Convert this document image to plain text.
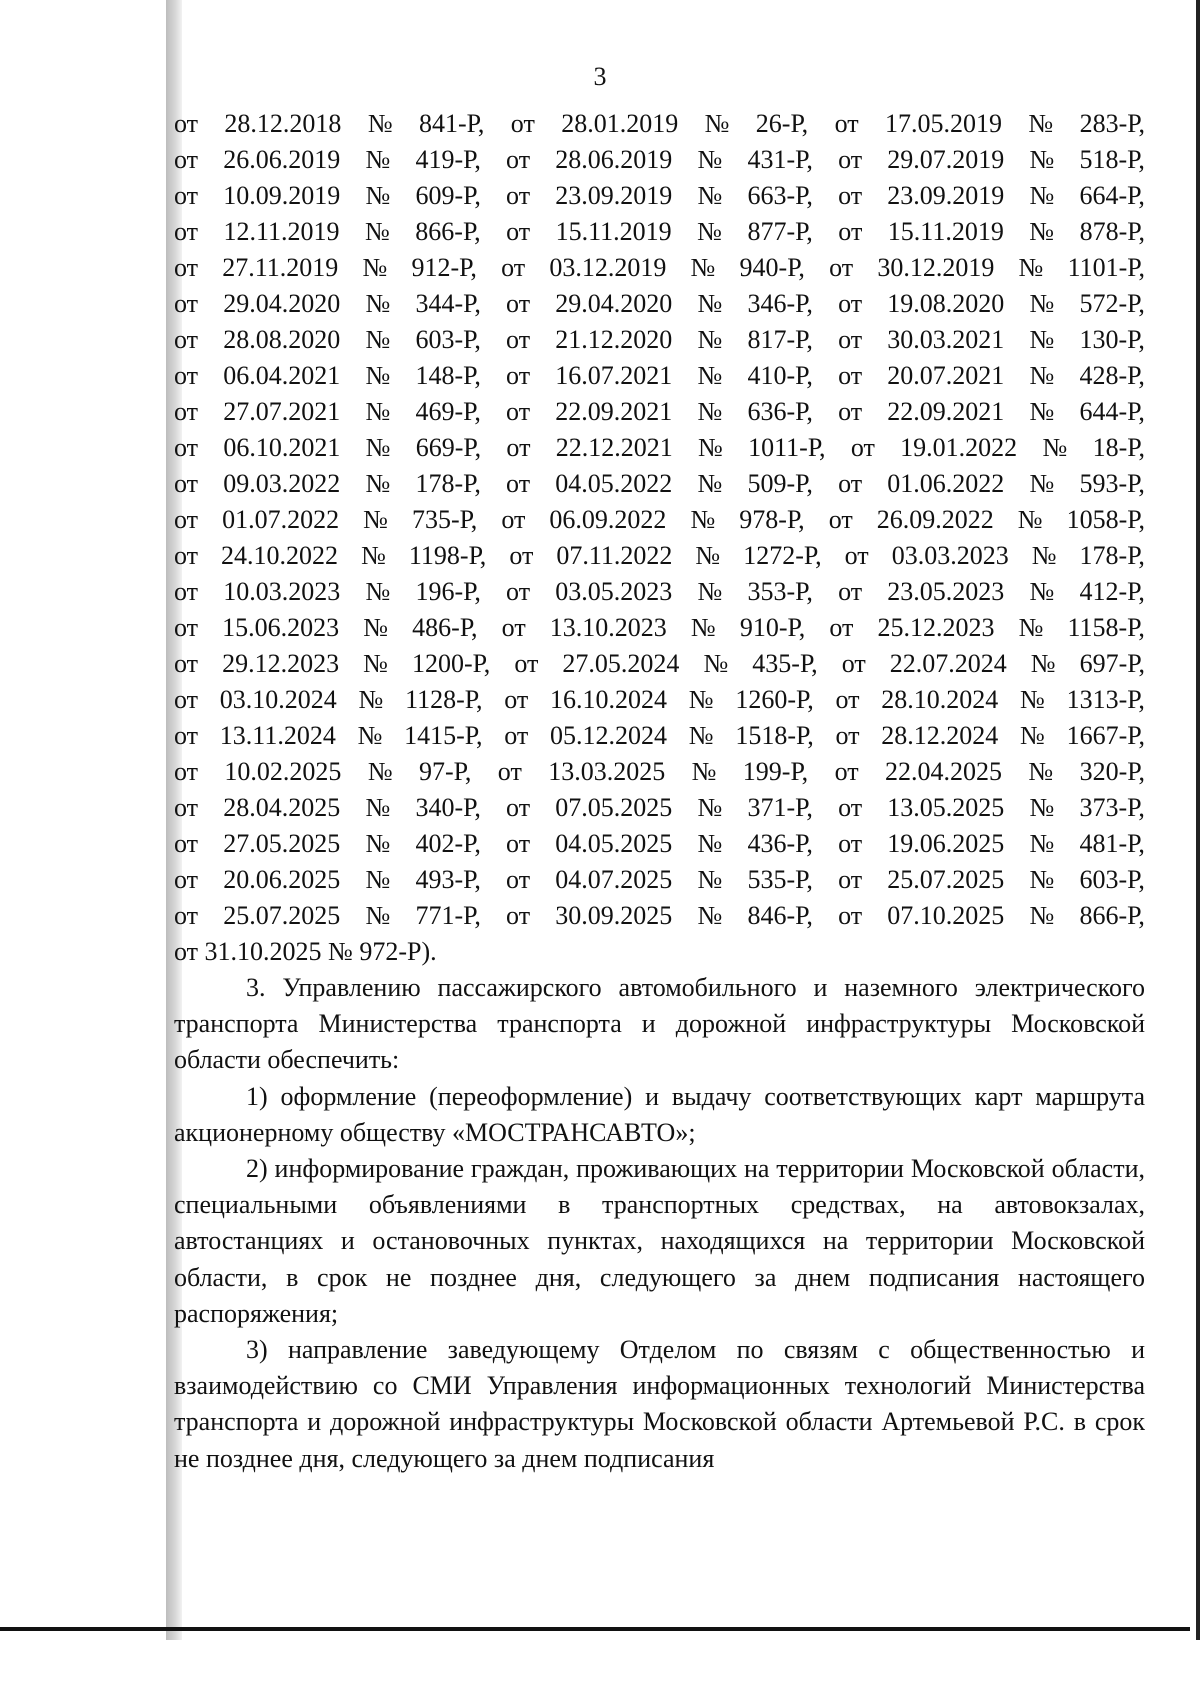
3
от 28.12.2018 № 841-Р, от 28.01.2019 № 26-Р, от 17.05.2019 № 283-Р,
от 26.06.2019 № 419-Р, от 28.06.2019 № 431-Р, от 29.07.2019 № 518-Р,
от 10.09.2019 № 609-Р, от 23.09.2019 № 663-Р, от 23.09.2019 № 664-Р,
от 12.11.2019 № 866-Р, от 15.11.2019 № 877-Р, от 15.11.2019 № 878-Р,
от 27.11.2019 № 912-Р, от 03.12.2019 № 940-Р, от 30.12.2019 № 1101-Р,
от 29.04.2020 № 344-Р, от 29.04.2020 № 346-Р, от 19.08.2020 № 572-Р,
от 28.08.2020 № 603-Р, от 21.12.2020 № 817-Р, от 30.03.2021 № 130-Р,
от 06.04.2021 № 148-Р, от 16.07.2021 № 410-Р, от 20.07.2021 № 428-Р,
от 27.07.2021 № 469-Р, от 22.09.2021 № 636-Р, от 22.09.2021 № 644-Р,
от 06.10.2021 № 669-Р, от 22.12.2021 № 1011-Р, от 19.01.2022 № 18-Р,
от 09.03.2022 № 178-Р, от 04.05.2022 № 509-Р, от 01.06.2022 № 593-Р,
от 01.07.2022 № 735-Р, от 06.09.2022 № 978-Р, от 26.09.2022 № 1058-Р,
от 24.10.2022 № 1198-Р, от 07.11.2022 № 1272-Р, от 03.03.2023 № 178-Р,
от 10.03.2023 № 196-Р, от 03.05.2023 № 353-Р, от 23.05.2023 № 412-Р,
от 15.06.2023 № 486-Р, от 13.10.2023 № 910-Р, от 25.12.2023 № 1158-Р,
от 29.12.2023 № 1200-Р, от 27.05.2024 № 435-Р, от 22.07.2024 № 697-Р,
от 03.10.2024 № 1128-Р, от 16.10.2024 № 1260-Р, от 28.10.2024 № 1313-Р,
от 13.11.2024 № 1415-Р, от 05.12.2024 № 1518-Р, от 28.12.2024 № 1667-Р,
от 10.02.2025 № 97-Р, от 13.03.2025 № 199-Р, от 22.04.2025 № 320-Р,
от 28.04.2025 № 340-Р, от 07.05.2025 № 371-Р, от 13.05.2025 № 373-Р,
от 27.05.2025 № 402-Р, от 04.05.2025 № 436-Р, от 19.06.2025 № 481-Р,
от 20.06.2025 № 493-Р, от 04.07.2025 № 535-Р, от 25.07.2025 № 603-Р,
от 25.07.2025 № 771-Р, от 30.09.2025 № 846-Р, от 07.10.2025 № 866-Р,
от 31.10.2025 № 972-Р).

3. Управлению пассажирского автомобильного и наземного электрического транспорта Министерства транспорта и дорожной инфраструктуры Московской области обеспечить:

1) оформление (переоформление) и выдачу соответствующих карт маршрута акционерному обществу «МОСТРАНСАВТО»;

2) информирование граждан, проживающих на территории Московской области, специальными объявлениями в транспортных средствах, на автовокзалах, автостанциях и остановочных пунктах, находящихся на территории Московской области, в срок не позднее дня, следующего за днем подписания настоящего распоряжения;

3) направление заведующему Отделом по связям с общественностью и взаимодействию со СМИ Управления информационных технологий Министерства транспорта и дорожной инфраструктуры Московской области Артемьевой Р.С. в срок не позднее дня, следующего за днем подписания
